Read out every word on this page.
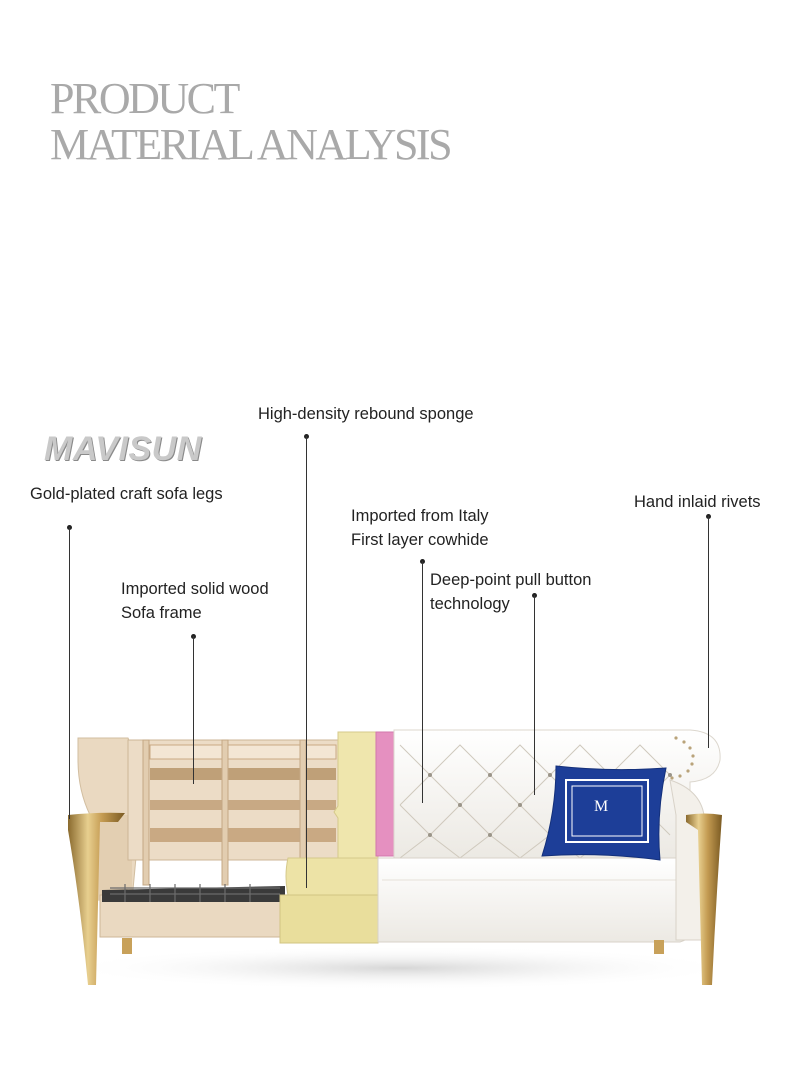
PRODUCT
MATERIAL ANALYSIS
MAVISUN
M
Gold-plated craft sofa legs
Imported solid wood
Sofa frame
High-density rebound sponge
Imported from Italy
First layer cowhide
Deep-point pull button
technology
Hand inlaid rivets
